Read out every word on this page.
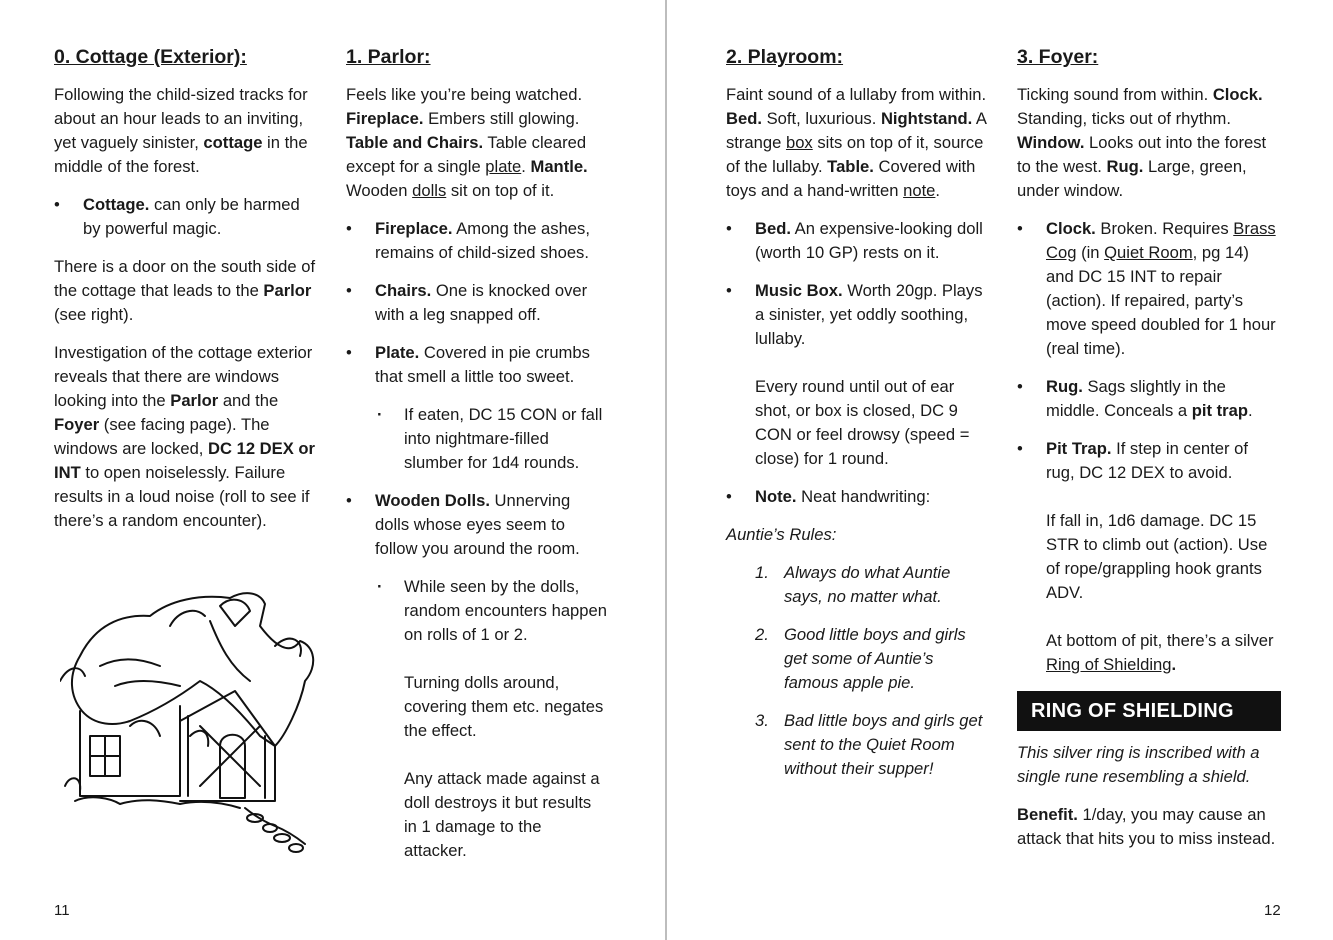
0. Cottage (Exterior):

Following the child-sized tracks for about an hour leads to an inviting, yet vaguely sinister, cottage in the middle of the forest.

• Cottage. can only be harmed by powerful magic.

There is a door on the south side of the cottage that leads to the Parlor (see right).

Investigation of the cottage exterior reveals that there are windows looking into the Parlor and the Foyer (see facing page). The windows are locked, DC 12 DEX or INT to open noiselessly. Failure results in a loud noise (roll to see if there’s a random encounter).

1. Parlor:

Feels like you’re being watched. Fireplace. Embers still glowing. Table and Chairs. Table cleared except for a single plate. Mantle. Wooden dolls sit on top of it.

• Fireplace. Among the ashes, remains of child-sized shoes.
• Chairs. One is knocked over with a leg snapped off.
• Plate. Covered in pie crumbs that smell a little too sweet.
· If eaten, DC 15 CON or fall into nightmare-filled slumber for 1d4 rounds.
• Wooden Dolls. Unnerving dolls whose eyes seem to follow you around the room.
· While seen by the dolls, random encounters happen on rolls of 1 or 2.
Turning dolls around, covering them etc. negates the effect.
Any attack made against a doll destroys it but results in 1 damage to the attacker.
2. Playroom:

Faint sound of a lullaby from within. Bed. Soft, luxurious. Nightstand. A strange box sits on top of it, source of the lullaby. Table. Covered with toys and a hand-written note.

• Bed. An expensive-looking doll (worth 10 GP) rests on it.
• Music Box. Worth 20gp. Plays a sinister, yet oddly soothing, lullaby.
Every round until out of ear shot, or box is closed, DC 9 CON or feel drowsy (speed = close) for 1 round.
• Note. Neat handwriting:

Auntie’s Rules:

1. Always do what Auntie says, no matter what.
2. Good little boys and girls get some of Auntie’s famous apple pie.
3. Bad little boys and girls get sent to the Quiet Room without their supper!
3. Foyer:

Ticking sound from within. Clock. Standing, ticks out of rhythm. Window. Looks out into the forest to the west. Rug. Large, green, under window.

• Clock. Broken. Requires Brass Cog (in Quiet Room, pg 14) and DC 15 INT to repair (action). If repaired, party’s move speed doubled for 1 hour (real time).
• Rug. Sags slightly in the middle. Conceals a pit trap.
• Pit Trap. If step in center of rug, DC 12 DEX to avoid.
If fall in, 1d6 damage. DC 15 STR to climb out (action). Use of rope/grappling hook grants ADV.
At bottom of pit, there’s a silver Ring of Shielding.
RING OF SHIELDING

This silver ring is inscribed with a single rune resembling a shield.

Benefit. 1/day, you may cause an attack that hits you to miss instead.

11	12
